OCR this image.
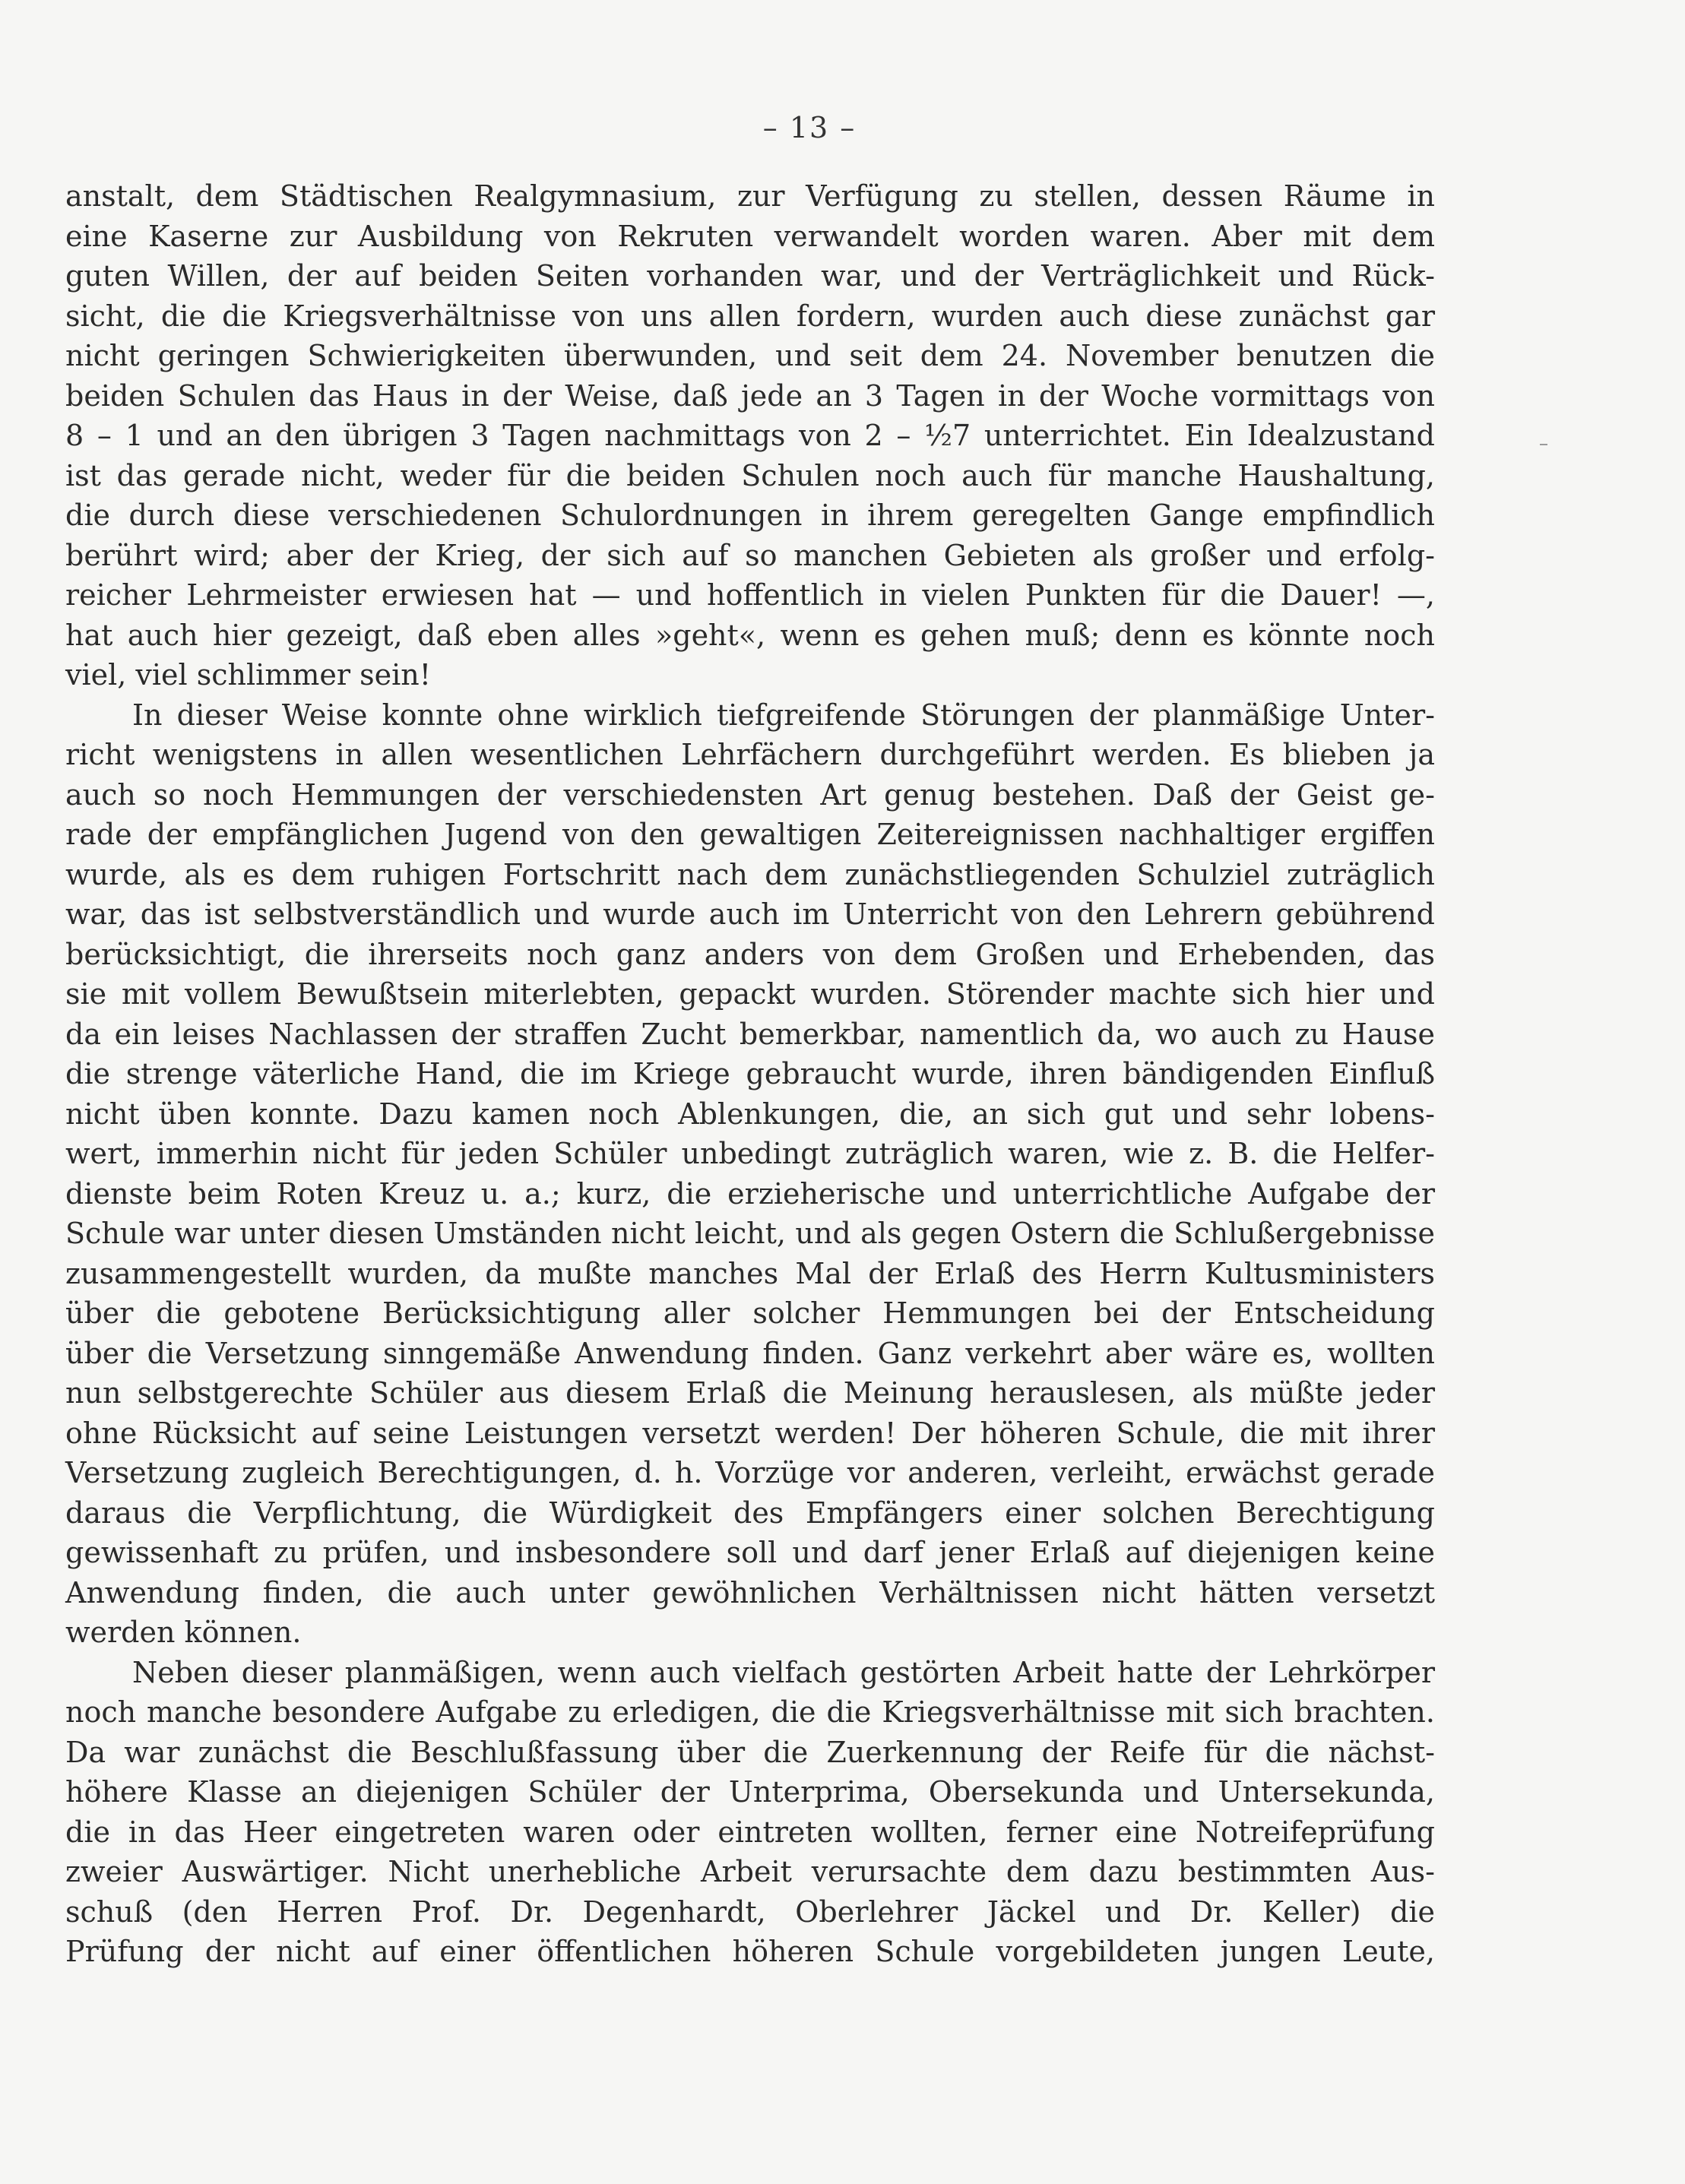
– 13 –
anstalt, dem Städtischen Realgymnasium, zur Verfügung zu stellen, dessen Räume in
eine Kaserne zur Ausbildung von Rekruten verwandelt worden waren. Aber mit dem
guten Willen, der auf beiden Seiten vorhanden war, und der Verträglichkeit und Rück-
sicht, die die Kriegsverhältnisse von uns allen fordern, wurden auch diese zunächst gar
nicht geringen Schwierigkeiten überwunden, und seit dem 24. November benutzen die
beiden Schulen das Haus in der Weise, daß jede an 3 Tagen in der Woche vormittags von
8 – 1 und an den übrigen 3 Tagen nachmittags von 2 – ½7 unterrichtet. Ein Idealzustand
ist das gerade nicht, weder für die beiden Schulen noch auch für manche Haushaltung,
die durch diese verschiedenen Schulordnungen in ihrem geregelten Gange empfindlich
berührt wird; aber der Krieg, der sich auf so manchen Gebieten als großer und erfolg-
reicher Lehrmeister erwiesen hat — und hoffentlich in vielen Punkten für die Dauer! —,
hat auch hier gezeigt, daß eben alles »geht«, wenn es gehen muß; denn es könnte noch
viel, viel schlimmer sein!
In dieser Weise konnte ohne wirklich tiefgreifende Störungen der planmäßige Unter-
richt wenigstens in allen wesentlichen Lehrfächern durchgeführt werden. Es blieben ja
auch so noch Hemmungen der verschiedensten Art genug bestehen. Daß der Geist ge-
rade der empfänglichen Jugend von den gewaltigen Zeitereignissen nachhaltiger ergiffen
wurde, als es dem ruhigen Fortschritt nach dem zunächstliegenden Schulziel zuträglich
war, das ist selbstverständlich und wurde auch im Unterricht von den Lehrern gebührend
berücksichtigt, die ihrerseits noch ganz anders von dem Großen und Erhebenden, das
sie mit vollem Bewußtsein miterlebten, gepackt wurden. Störender machte sich hier und
da ein leises Nachlassen der straffen Zucht bemerkbar, namentlich da, wo auch zu Hause
die strenge väterliche Hand, die im Kriege gebraucht wurde, ihren bändigenden Einfluß
nicht üben konnte. Dazu kamen noch Ablenkungen, die, an sich gut und sehr lobens-
wert, immerhin nicht für jeden Schüler unbedingt zuträglich waren, wie z. B. die Helfer-
dienste beim Roten Kreuz u. a.; kurz, die erzieherische und unterrichtliche Aufgabe der
Schule war unter diesen Umständen nicht leicht, und als gegen Ostern die Schlußergebnisse
zusammengestellt wurden, da mußte manches Mal der Erlaß des Herrn Kultusministers
über die gebotene Berücksichtigung aller solcher Hemmungen bei der Entscheidung
über die Versetzung sinngemäße Anwendung finden. Ganz verkehrt aber wäre es, wollten
nun selbstgerechte Schüler aus diesem Erlaß die Meinung herauslesen, als müßte jeder
ohne Rücksicht auf seine Leistungen versetzt werden! Der höheren Schule, die mit ihrer
Versetzung zugleich Berechtigungen, d. h. Vorzüge vor anderen, verleiht, erwächst gerade
daraus die Verpflichtung, die Würdigkeit des Empfängers einer solchen Berechtigung
gewissenhaft zu prüfen, und insbesondere soll und darf jener Erlaß auf diejenigen keine
Anwendung finden, die auch unter gewöhnlichen Verhältnissen nicht hätten versetzt
werden können.
Neben dieser planmäßigen, wenn auch vielfach gestörten Arbeit hatte der Lehrkörper
noch manche besondere Aufgabe zu erledigen, die die Kriegsverhältnisse mit sich brachten.
Da war zunächst die Beschlußfassung über die Zuerkennung der Reife für die nächst-
höhere Klasse an diejenigen Schüler der Unterprima, Obersekunda und Untersekunda,
die in das Heer eingetreten waren oder eintreten wollten, ferner eine Notreifeprüfung
zweier Auswärtiger. Nicht unerhebliche Arbeit verursachte dem dazu bestimmten Aus-
schuß (den Herren Prof. Dr. Degenhardt, Oberlehrer Jäckel und Dr. Keller) die
Prüfung der nicht auf einer öffentlichen höheren Schule vorgebildeten jungen Leute,
